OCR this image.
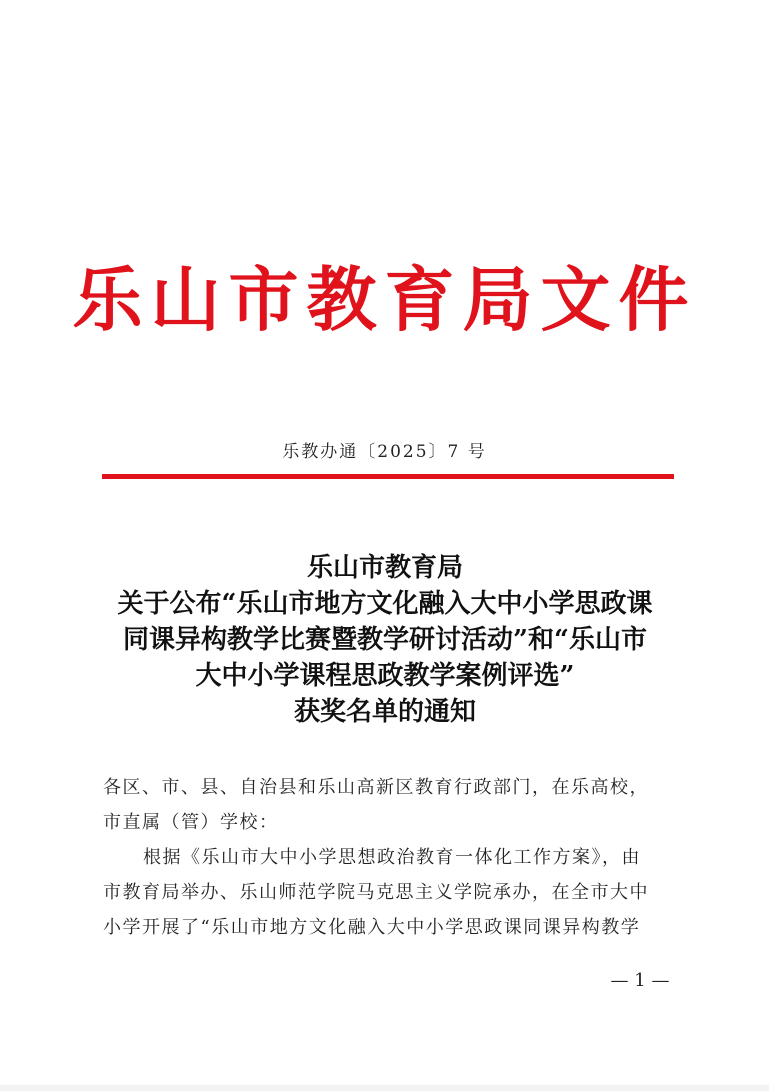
乐山市教育局文件
乐教办通〔2025〕7 号
乐山市教育局
关于公布“乐山市地方文化融入大中小学思政课
同课异构教学比赛暨教学研讨活动”和“乐山市
大中小学课程思政教学案例评选”
获奖名单的通知

各区、市、县、自治县和乐山高新区教育行政部门，在乐高校，

市直属（管）学校：

根据《乐山市大中小学思想政治教育一体化工作方案》，由

市教育局举办、乐山师范学院马克思主义学院承办，在全市大中

小学开展了“乐山市地方文化融入大中小学思政课同课异构教学

— 1 —
